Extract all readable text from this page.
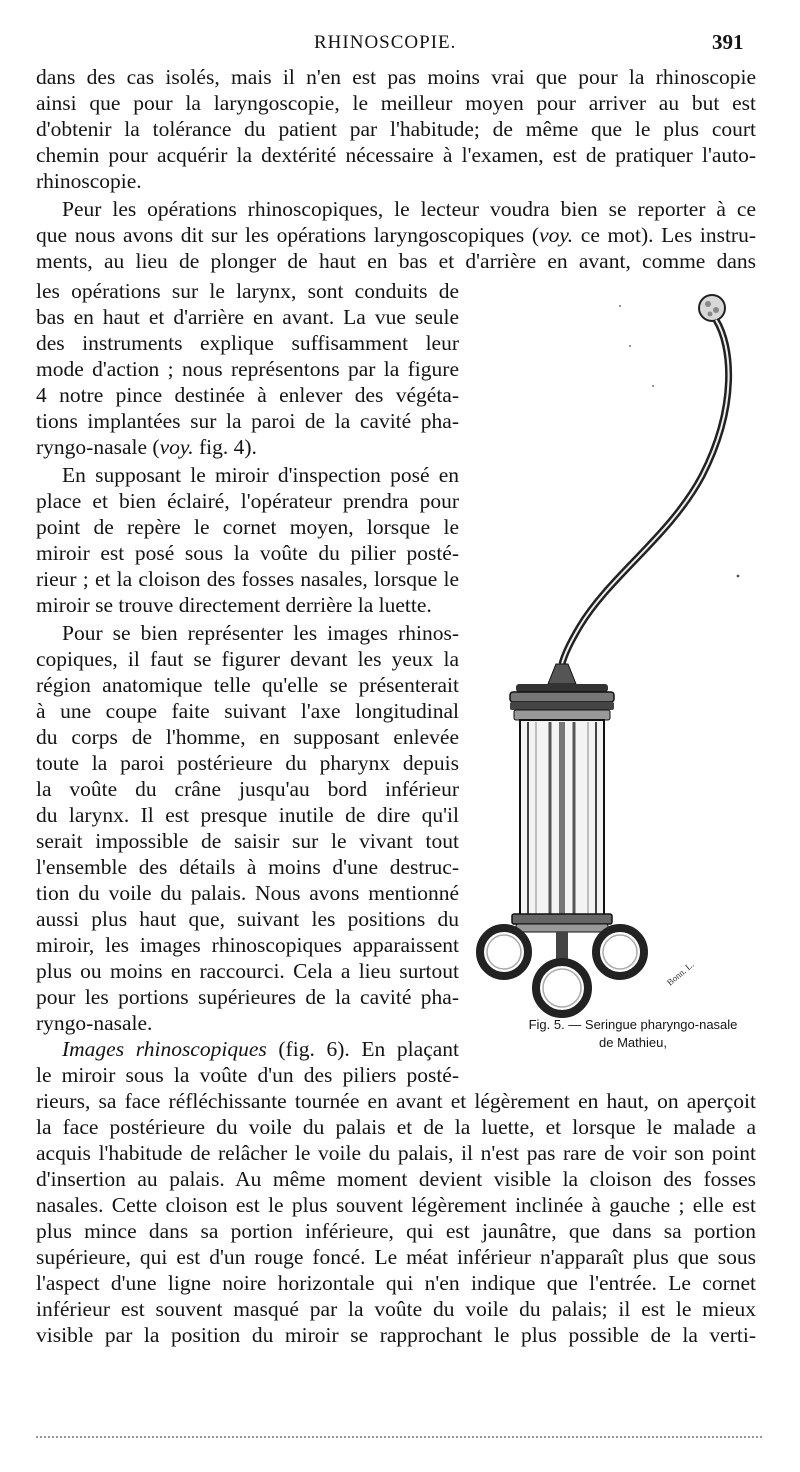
RHINOSCOPIE.	391
dans des cas isolés, mais il n'en est pas moins vrai que pour la rhinoscopie
ainsi que pour la laryngoscopie, le meilleur moyen pour arriver au but est
d'obtenir la tolérance du patient par l'habitude; de même que le plus court
chemin pour acquérir la dextérité nécessaire à l'examen, est de pratiquer l'auto-
rhinoscopie.
Peur les opérations rhinoscopiques, le lecteur voudra bien se reporter à ce
que nous avons dit sur les opérations laryngoscopiques (voy. ce mot). Les instru-
ments, au lieu de plonger de haut en bas et d'arrière en avant, comme dans
les opérations sur le larynx, sont conduits de
bas en haut et d'arrière en avant. La vue seule
des instruments explique suffisamment leur
mode d'action ; nous représentons par la figure
4 notre pince destinée à enlever des végéta-
tions implantées sur la paroi de la cavité pha-
ryngo-nasale (voy. fig. 4).
En supposant le miroir d'inspection posé en
place et bien éclairé, l'opérateur prendra pour
point de repère le cornet moyen, lorsque le
miroir est posé sous la voûte du pilier posté-
rieur ; et la cloison des fosses nasales, lorsque le
miroir se trouve directement derrière la luette.
Pour se bien représenter les images rhinos-
copiques, il faut se figurer devant les yeux la
région anatomique telle qu'elle se présenterait
à une coupe faite suivant l'axe longitudinal
du corps de l'homme, en supposant enlevée
toute la paroi postérieure du pharynx depuis
la voûte du crâne jusqu'au bord inférieur
du larynx. Il est presque inutile de dire qu'il
serait impossible de saisir sur le vivant tout
l'ensemble des détails à moins d'une destruc-
tion du voile du palais. Nous avons mentionné
aussi plus haut que, suivant les positions du
miroir, les images rhinoscopiques apparaissent
plus ou moins en raccourci. Cela a lieu surtout
pour les portions supérieures de la cavité pha-
ryngo-nasale.
Images rhinoscopiques (fig. 6). En plaçant
le miroir sous la voûte d'un des piliers posté-
rieurs, sa face réfléchissante tournée en avant et légèrement en haut, on aperçoit
la face postérieure du voile du palais et de la luette, et lorsque le malade a
acquis l'habitude de relâcher le voile du palais, il n'est pas rare de voir son point
d'insertion au palais. Au même moment devient visible la cloison des fosses
nasales. Cette cloison est le plus souvent légèrement inclinée à gauche ; elle est
plus mince dans sa portion inférieure, qui est jaunâtre, que dans sa portion
supérieure, qui est d'un rouge foncé. Le méat inférieur n'apparaît plus que sous
l'aspect d'une ligne noire horizontale qui n'en indique que l'entrée. Le cornet
inférieur est souvent masqué par la voûte du voile du palais; il est le mieux
visible par la position du miroir se rapprochant le plus possible de la verti-
Bonn. L.
Fig. 5. — Seringue pharyngo-nasale
de Mathieu,
